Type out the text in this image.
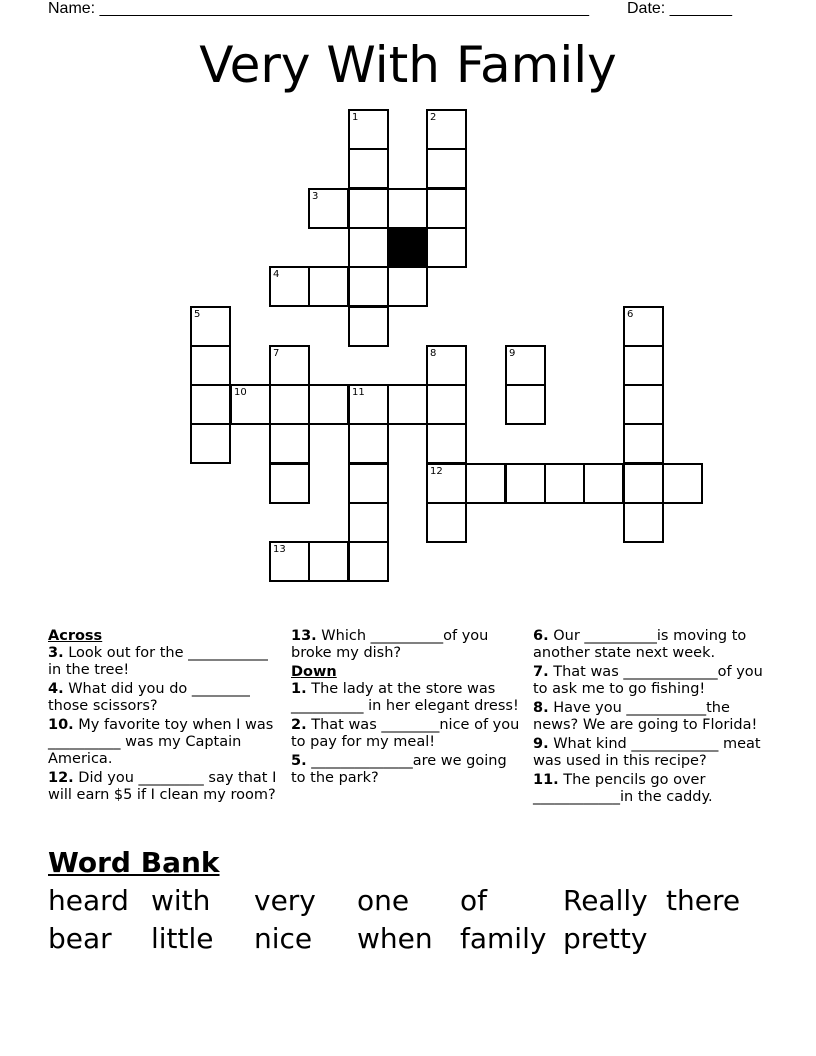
Name: _______________________________________________________ Date: _______
Very With Family
1	2
3
4
5	6
7	8	9
10	11
12
13
Across
3. Look out for the ___________ in the tree!
4. What did you do ________ those scissors?
10. My favorite toy when I was __________ was my Captain America.
12. Did you _________ say that I will earn $5 if I clean my room?
13. Which __________of you broke my dish?
Down
1. The lady at the store was __________ in her elegant dress!
2. That was ________nice of you to pay for my meal!
5. ______________are we going to the park?
6. Our __________is moving to another state next week.
7. That was _____________of you to ask me to go fishing!
8. Have you ___________the news? We are going to Florida!
9. What kind ____________ meat was used in this recipe?
11. The pencils go over ____________in the caddy.
Word Bank
heard with very one of	Really there
bear little nice when family pretty
